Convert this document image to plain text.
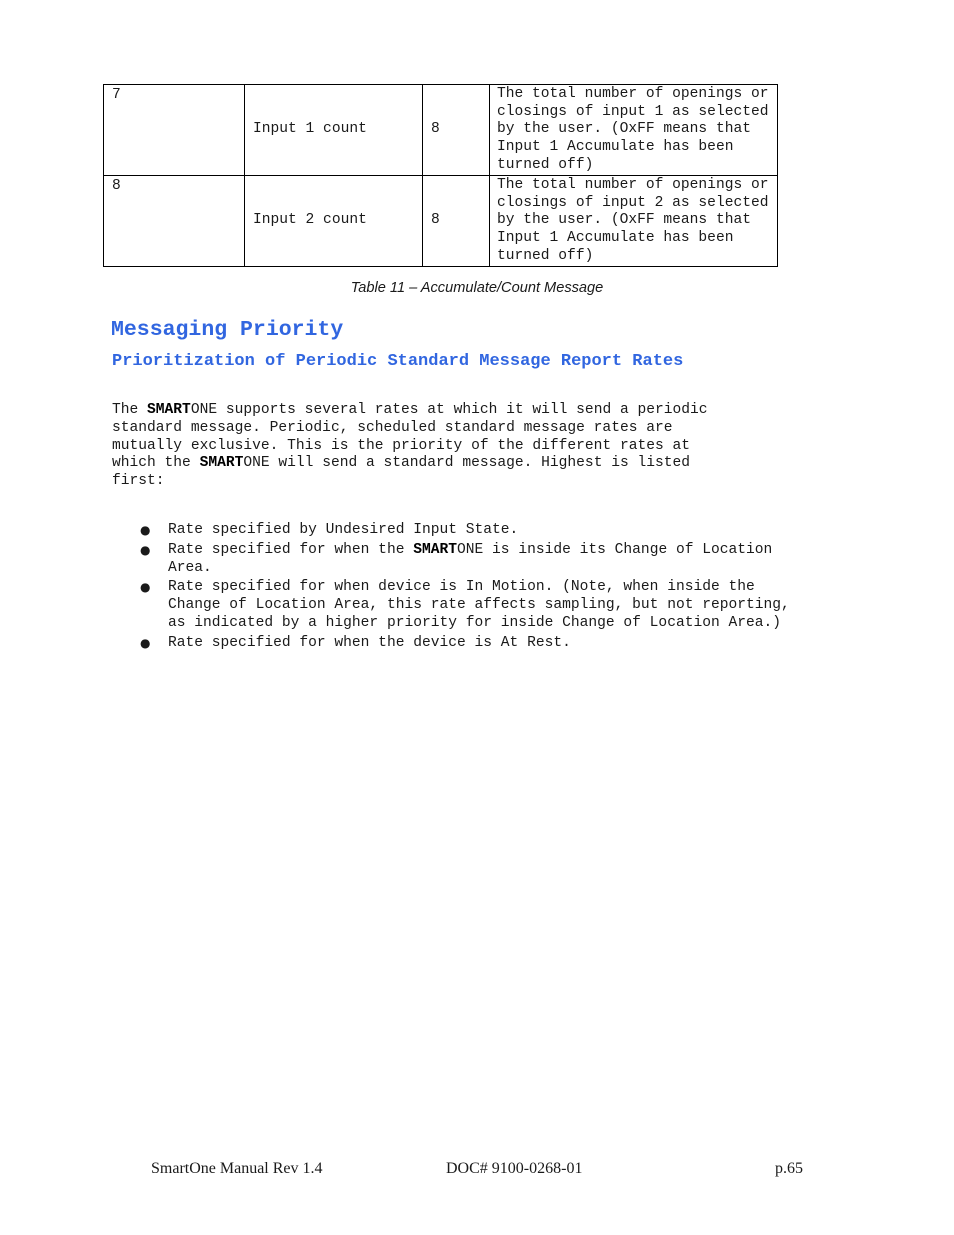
7	Input 1 count	8	The total number of openings or
closings of input 1 as selected
by the user. (OxFF means that
Input 1 Accumulate has been
turned off)

8	Input 2 count	8	The total number of openings or
closings of input 2 as selected
by the user. (OxFF means that
Input 1 Accumulate has been
turned off)
Table 11 – Accumulate/Count Message
Messaging Priority
Prioritization of Periodic Standard Message Report Rates
The SMARTONE supports several rates at which it will send a periodic
standard message. Periodic, scheduled standard message rates are
mutually exclusive. This is the priority of the different rates at
which the SMARTONE will send a standard message. Highest is listed
first:
● Rate specified by Undesired Input State.
● Rate specified for when the SMARTONE is inside its Change of Location
Area.
● Rate specified for when device is In Motion. (Note, when inside the
Change of Location Area, this rate affects sampling, but not reporting,
as indicated by a higher priority for inside Change of Location Area.)
● Rate specified for when the device is At Rest.
SmartOne Manual Rev 1.4	DOC# 9100-0268-01	p.65
